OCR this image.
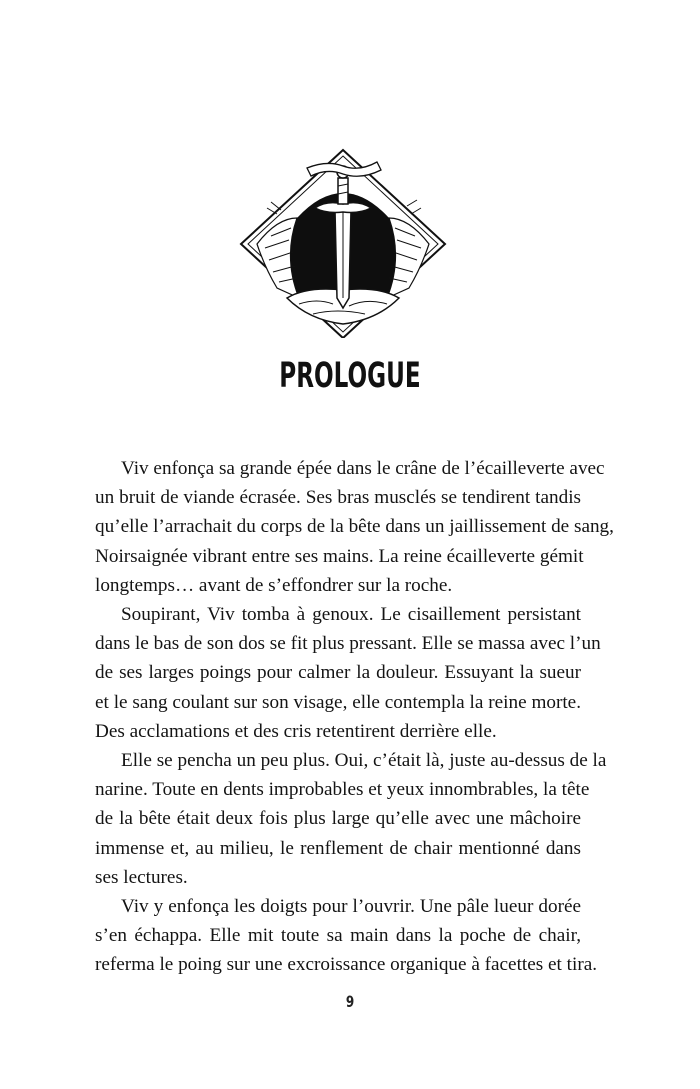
PROLOGUE

Viv enfonça sa grande épée dans le crâne de l’écailleverte avec
un bruit de viande écrasée. Ses bras musclés se tendirent tandis
qu’elle l’arrachait du corps de la bête dans un jaillissement de sang,
Noirsaignée vibrant entre ses mains. La reine écailleverte gémit
longtemps… avant de s’effondrer sur la roche.

Soupirant, Viv tomba à genoux. Le cisaillement persistant
dans le bas de son dos se fit plus pressant. Elle se massa avec l’un
de ses larges poings pour calmer la douleur. Essuyant la sueur
et le sang coulant sur son visage, elle contempla la reine morte.
Des acclamations et des cris retentirent derrière elle.

Elle se pencha un peu plus. Oui, c’était là, juste au-dessus de la
narine. Toute en dents improbables et yeux innombrables, la tête
de la bête était deux fois plus large qu’elle avec une mâchoire
immense et, au milieu, le renflement de chair mentionné dans
ses lectures.

Viv y enfonça les doigts pour l’ouvrir. Une pâle lueur dorée
s’en échappa. Elle mit toute sa main dans la poche de chair,
referma le poing sur une excroissance organique à facettes et tira.

9
